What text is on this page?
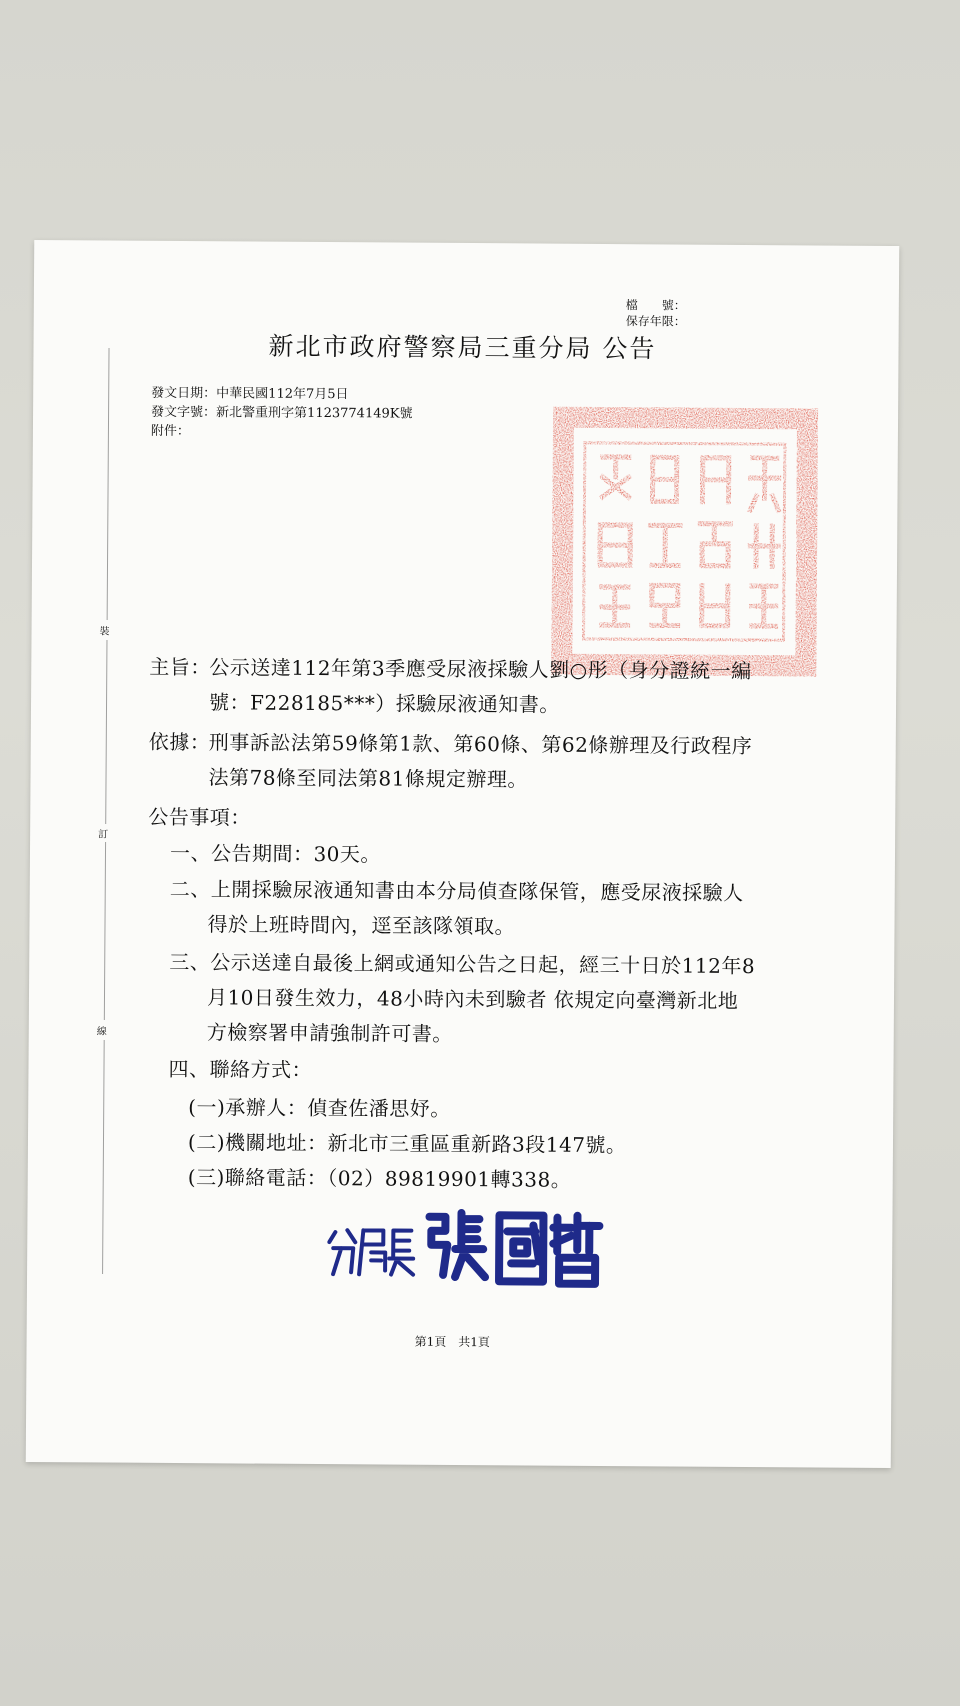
檔　　號：
保存年限：
新北市政府警察局三重分局 公告
發文日期：中華民國112年7月5日
發文字號：新北警重刑字第1123774149K號
附件：
裝
訂
線
主旨：
公示送達112年第3季應受尿液採驗人劉○彤（身分證統一編
號：F228185***）採驗尿液通知書。
依據：
刑事訴訟法第59條第1款、第60條、第62條辦理及行政程序
法第78條至同法第81條規定辦理。
公告事項：
一、公告期間：30天。
二、上開採驗尿液通知書由本分局偵查隊保管，應受尿液採驗人
得於上班時間內，逕至該隊領取。
三、公示送達自最後上網或通知公告之日起，經三十日於112年8
月10日發生效力，48小時內未到驗者 依規定向臺灣新北地
方檢察署申請強制許可書。
四、聯絡方式：
(一)承辦人：偵查佐潘思妤。
(二)機關地址：新北市三重區重新路3段147號。
(三)聯絡電話：（02）89819901轉338。
第1頁　共1頁
